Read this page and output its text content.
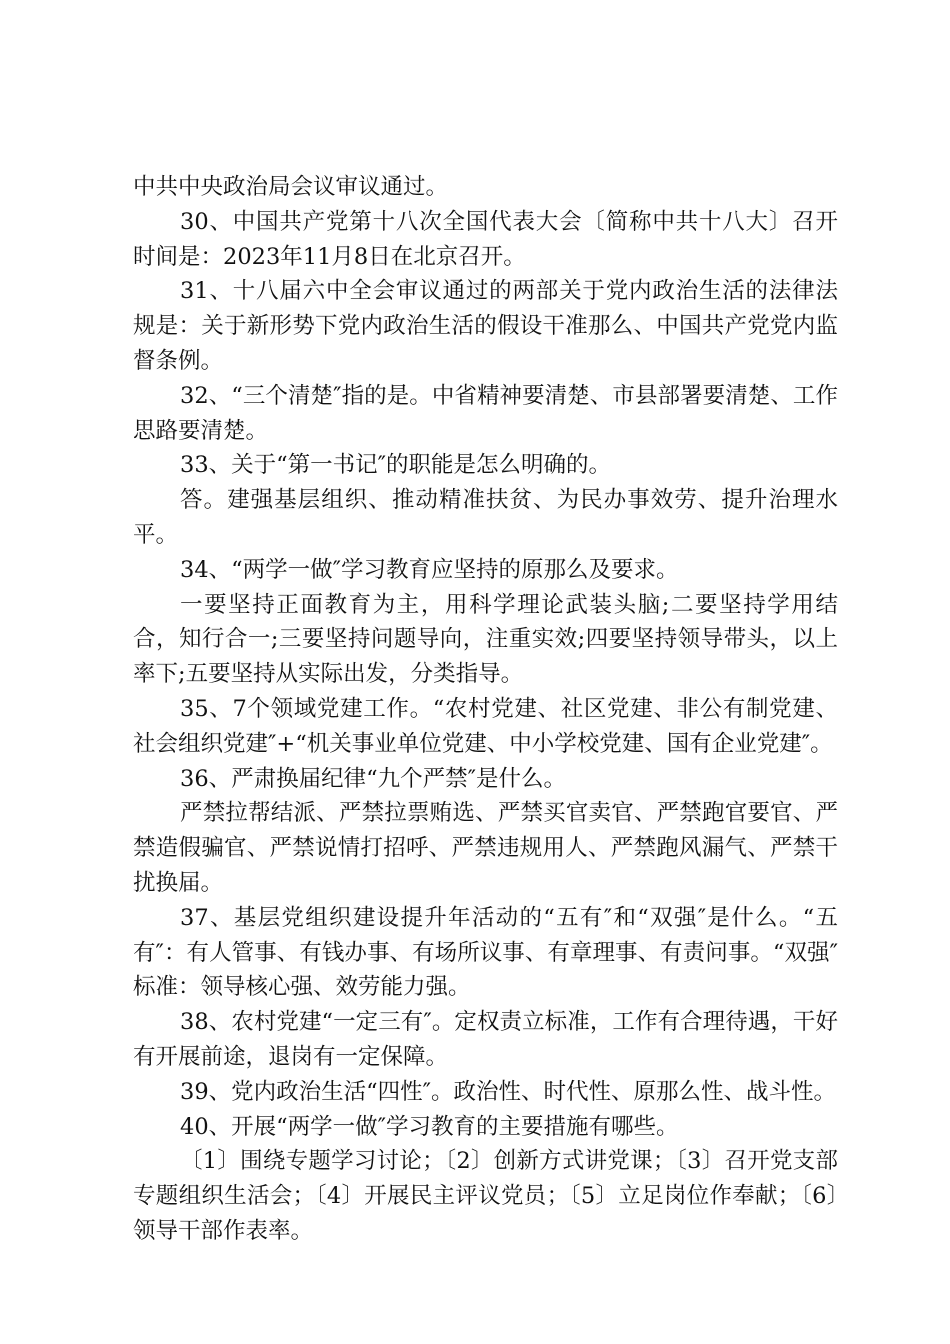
中共中央政治局会议审议通过。

30、中国共产党第十八次全国代表大会〔简称中共十八大〕召开时间是：2023年11月8日在北京召开。

31、十八届六中全会审议通过的两部关于党内政治生活的法律法规是：关于新形势下党内政治生活的假设干准那么、中国共产党党内监督条例。

32、“三个清楚″指的是。中省精神要清楚、市县部署要清楚、工作思路要清楚。

33、关于“第一书记″的职能是怎么明确的。

答。建强基层组织、推动精准扶贫、为民办事效劳、提升治理水平。

34、“两学一做″学习教育应坚持的原那么及要求。

一要坚持正面教育为主，用科学理论武装头脑;二要坚持学用结合，知行合一;三要坚持问题导向，注重实效;四要坚持领导带头，以上率下;五要坚持从实际出发，分类指导。

35、7个领域党建工作。“农村党建、社区党建、非公有制党建、社会组织党建″+“机关事业单位党建、中小学校党建、国有企业党建″。

36、严肃换届纪律“九个严禁″是什么。

严禁拉帮结派、严禁拉票贿选、严禁买官卖官、严禁跑官要官、严禁造假骗官、严禁说情打招呼、严禁违规用人、严禁跑风漏气、严禁干扰换届。

37、基层党组织建设提升年活动的“五有″和“双强″是什么。“五有″：有人管事、有钱办事、有场所议事、有章理事、有责问事。“双强″标准：领导核心强、效劳能力强。

38、农村党建“一定三有″。定权责立标准，工作有合理待遇，干好有开展前途，退岗有一定保障。

39、党内政治生活“四性″。政治性、时代性、原那么性、战斗性。

40、开展“两学一做″学习教育的主要措施有哪些。

〔1〕围绕专题学习讨论；〔2〕创新方式讲党课；〔3〕召开党支部专题组织生活会；〔4〕开展民主评议党员；〔5〕立足岗位作奉献；〔6〕领导干部作表率。
